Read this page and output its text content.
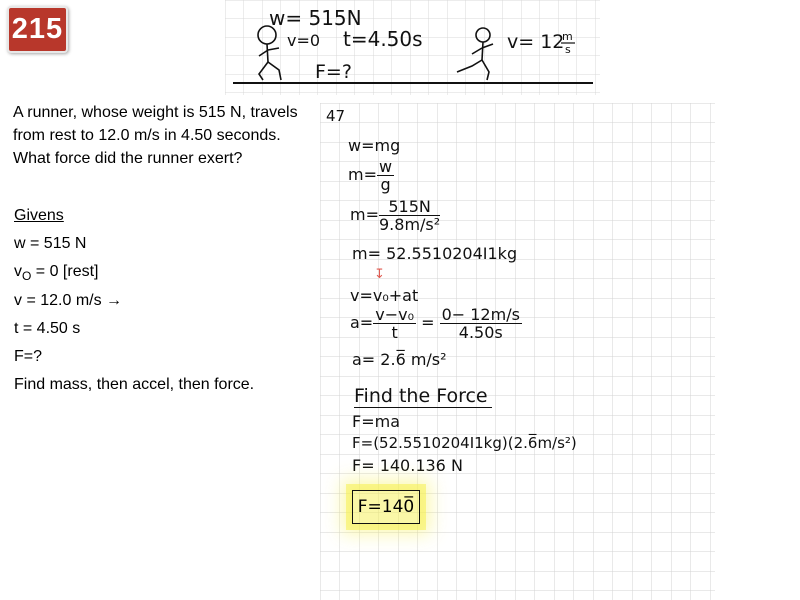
215	w= 515N
v=0 t=4.50s
F=?
v= 12
m
s
A runner, whose weight is 515 N, travels from rest to 12.0 m/s in 4.50 seconds. What force did the runner exert?
Givens
w = 515 N
$v_O = 0$ [rest]
v = 12.0 m/s →
t = 4.50 s
F=?
Find mass, then accel, then force.
47
w=mg
$m= \frac{w}{g}$
$m= \frac{515N}{\text{9.8m/s²}}$
m= 52.5510204I1kg
↧
v=v₀+at
$a= \frac{\text{v−v₀}}{t} = \frac{0- 12m/s}{4.50s}$
a= 2.6̅ m/s²
Find the Force
F=ma
F=(52.5510204I1kg)(2.6̅m/s²)
F= 140.136 N
F=140̅
